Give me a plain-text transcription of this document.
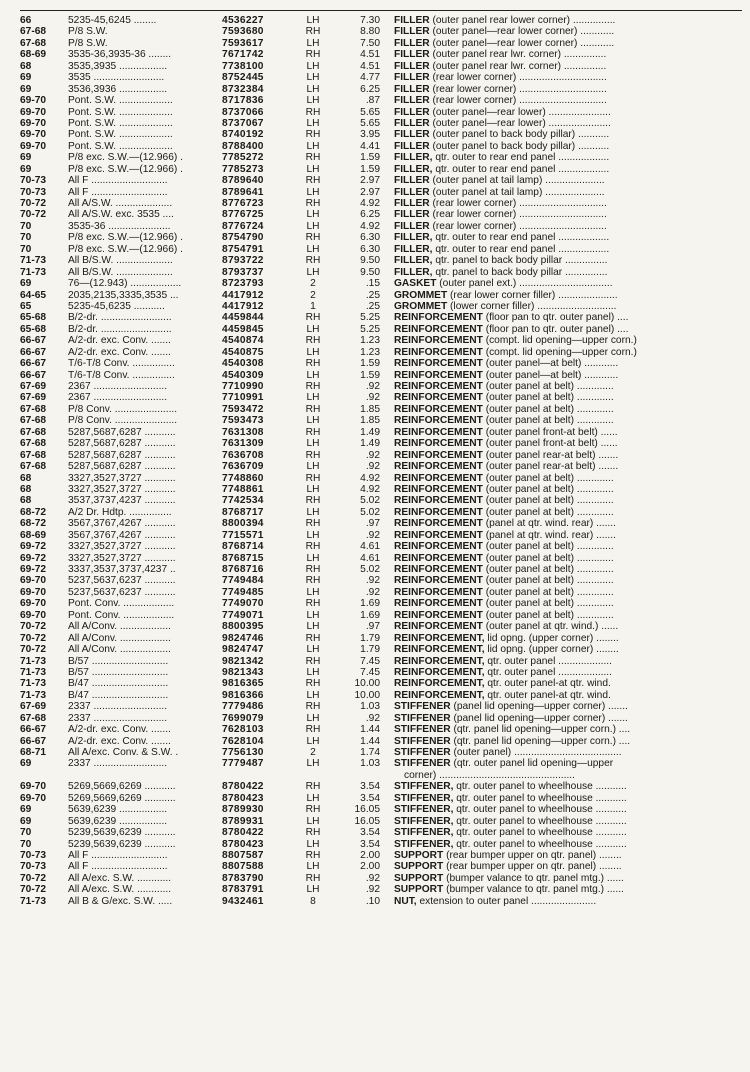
66	5235-45,6245 ........	4536227	LH	7.30	FILLER (outer panel rear lower corner) ...............
67-68	P/8 S.W.	7593680	RH	8.80	FILLER (outer panel—rear lower corner) ............
67-68	P/8 S.W.	7593617	LH	7.50	FILLER (outer panel—rear lower corner) ............
68-69	3535-36,3935-36 ........	7671742	RH	4.51	FILLER (outer panel rear lwr. corner) ...............
68	3535,3935 .................	7738100	LH	4.51	FILLER (outer panel rear lwr. corner) ...............
69	3535 .........................	8752445	LH	4.77	FILLER (rear lower corner) ...............................
69	3536,3936 .................	8732384	LH	6.25	FILLER (rear lower corner) ...............................
69-70	Pont. S.W. ...................	8717836	LH	.87	FILLER (rear lower corner) ...............................
69-70	Pont. S.W. ...................	8737066	RH	5.65	FILLER (outer panel—rear lower) ......................
69-70	Pont. S.W. ...................	8737067	LH	5.65	FILLER (outer panel—rear lower) ......................
69-70	Pont. S.W. ...................	8740192	RH	3.95	FILLER (outer panel to back body pillar) ...........
69-70	Pont. S.W. ...................	8788400	LH	4.41	FILLER (outer panel to back body pillar) ...........
69	P/8 exc. S.W.—(12.966) .	7785272	RH	1.59	FILLER, qtr. outer to rear end panel ..................
69	P/8 exc. S.W.—(12.966) .	7785273	LH	1.59	FILLER, qtr. outer to rear end panel ..................
70-73	All F ...........................	8789640	RH	2.97	FILLER (outer panel at tail lamp) .....................
70-73	All F ...........................	8789641	LH	2.97	FILLER (outer panel at tail lamp) .....................
70-72	All A/S.W. ....................	8776723	RH	4.92	FILLER (rear lower corner) ...............................
70-72	All A/S.W. exc. 3535 ....	8776725	LH	6.25	FILLER (rear lower corner) ...............................
70	3535-36 ......................	8776724	LH	4.92	FILLER (rear lower corner) ...............................
70	P/8 exc. S.W.—(12.966) .	8754790	RH	6.30	FILLER, qtr. outer to rear end panel ..................
70	P/8 exc. S.W.—(12.966) .	8754791	LH	6.30	FILLER, qtr. outer to rear end panel ..................
71-73	All B/S.W. ....................	8793722	RH	9.50	FILLER, qtr. panel to back body pillar ...............
71-73	All B/S.W. ....................	8793737	LH	9.50	FILLER, qtr. panel to back body pillar ...............
69	76—(12.943) ..................	8723793	2	.15	GASKET (outer panel ext.) .................................
64-65	2035,2135,3335,3535 ...	4417912	2	.25	GROMMET (rear lower corner filler) .....................
65	5235-45,6235 ...........	4417912	1	.25	GROMMET (lower corner filler) ............................
65-68	B/2-dr. .........................	4459844	RH	5.25	REINFORCEMENT (floor pan to qtr. outer panel) ....
65-68	B/2-dr. .........................	4459845	LH	5.25	REINFORCEMENT (floor pan to qtr. outer panel) ....
66-67	A/2-dr. exc. Conv. .......	4540874	RH	1.23	REINFORCEMENT (compt. lid opening—upper corn.)
66-67	A/2-dr. exc. Conv. .......	4540875	LH	1.23	REINFORCEMENT (compt. lid opening—upper corn.)
66-67	T/6-T/8 Conv. ...............	4540308	RH	1.59	REINFORCEMENT (outer panel—at belt) ............
66-67	T/6-T/8 Conv. ...............	4540309	LH	1.59	REINFORCEMENT (outer panel—at belt) ............
67-69	2367 ..........................	7710990	RH	.92	REINFORCEMENT (outer panel at belt) .............
67-69	2367 ..........................	7710991	LH	.92	REINFORCEMENT (outer panel at belt) .............
67-68	P/8 Conv. ......................	7593472	RH	1.85	REINFORCEMENT (outer panel at belt) .............
67-68	P/8 Conv. ......................	7593473	LH	1.85	REINFORCEMENT (outer panel at belt) .............
67-68	5287,5687,6287 ...........	7631308	RH	1.49	REINFORCEMENT (outer panel front-at belt) ......
67-68	5287,5687,6287 ...........	7631309	LH	1.49	REINFORCEMENT (outer panel front-at belt) ......
67-68	5287,5687,6287 ...........	7636708	RH	.92	REINFORCEMENT (outer panel rear-at belt) .......
67-68	5287,5687,6287 ...........	7636709	LH	.92	REINFORCEMENT (outer panel rear-at belt) .......
68	3327,3527,3727 ...........	7748860	RH	4.92	REINFORCEMENT (outer panel at belt) .............
68	3327,3527,3727 ...........	7748861	LH	4.92	REINFORCEMENT (outer panel at belt) .............
68	3537,3737,4237 ...........	7742534	RH	5.02	REINFORCEMENT (outer panel at belt) .............
68-72	A/2 Dr. Hdtp. ...............	8768717	LH	5.02	REINFORCEMENT (outer panel at belt) .............
68-72	3567,3767,4267 ...........	8800394	RH	.97	REINFORCEMENT (panel at qtr. wind. rear) .......
68-69	3567,3767,4267 ...........	7715571	LH	.92	REINFORCEMENT (panel at qtr. wind. rear) .......
69-72	3327,3527,3727 ...........	8768714	RH	4.61	REINFORCEMENT (outer panel at belt) .............
69-72	3327,3527,3727 ...........	8768715	LH	4.61	REINFORCEMENT (outer panel at belt) .............
69-72	3337,3537,3737,4237 ..	8768716	RH	5.02	REINFORCEMENT (outer panel at belt) .............
69-70	5237,5637,6237 ...........	7749484	RH	.92	REINFORCEMENT (outer panel at belt) .............
69-70	5237,5637,6237 ...........	7749485	LH	.92	REINFORCEMENT (outer panel at belt) .............
69-70	Pont. Conv. ..................	7749070	RH	1.69	REINFORCEMENT (outer panel at belt) .............
69-70	Pont. Conv. ..................	7749071	LH	1.69	REINFORCEMENT (outer panel at belt) .............
70-72	All A/Conv. ..................	8800395	LH	.97	REINFORCEMENT (outer panel at qtr. wind.) ......
70-72	All A/Conv. ..................	9824746	RH	1.79	REINFORCEMENT, lid opng. (upper corner) ........
70-72	All A/Conv. ..................	9824747	LH	1.79	REINFORCEMENT, lid opng. (upper corner) ........
71-73	B/57 ...........................	9821342	RH	7.45	REINFORCEMENT, qtr. outer panel ...................
71-73	B/57 ...........................	9821343	LH	7.45	REINFORCEMENT, qtr. outer panel ...................
71-73	B/47 ...........................	9816365	RH	10.00	REINFORCEMENT, qtr. outer panel-at qtr. wind.
71-73	B/47 ...........................	9816366	LH	10.00	REINFORCEMENT, qtr. outer panel-at qtr. wind.
67-69	2337 ..........................	7779486	RH	1.03	STIFFENER (panel lid opening—upper corner) .......
67-68	2337 ..........................	7699079	LH	.92	STIFFENER (panel lid opening—upper corner) .......
66-67	A/2-dr. exc. Conv. .......	7628103	RH	1.44	STIFFENER (qtr. panel lid opening—upper corn.) ....
66-67	A/2-dr. exc. Conv. .......	7628104	LH	1.44	STIFFENER (qtr. panel lid opening—upper corn.) ....
68-71	All A/exc. Conv. & S.W. .	7756130	2	1.74	STIFFENER (outer panel) ......................................
69	2337 ..........................	7779487	LH	1.03	STIFFENER (qtr. outer panel lid opening—upper
corner) ................................................
69-70	5269,5669,6269 ...........	8780422	RH	3.54	STIFFENER, qtr. outer panel to wheelhouse ...........
69-70	5269,5669,6269 ...........	8780423	LH	3.54	STIFFENER, qtr. outer panel to wheelhouse ...........
69	5639,6239 .................	8789930	RH	16.05	STIFFENER, qtr. outer panel to wheelhouse ...........
69	5639,6239 .................	8789931	LH	16.05	STIFFENER, qtr. outer panel to wheelhouse ...........
70	5239,5639,6239 ...........	8780422	RH	3.54	STIFFENER, qtr. outer panel to wheelhouse ...........
70	5239,5639,6239 ...........	8780423	LH	3.54	STIFFENER, qtr. outer panel to wheelhouse ...........
70-73	All F ...........................	8807587	RH	2.00	SUPPORT (rear bumper upper on qtr. panel) ........
70-73	All F ...........................	8807588	LH	2.00	SUPPORT (rear bumper upper on qtr. panel) ........
70-72	All A/exc. S.W. ............	8783790	RH	.92	SUPPORT (bumper valance to qtr. panel mtg.) ......
70-72	All A/exc. S.W. ............	8783791	LH	.92	SUPPORT (bumper valance to qtr. panel mtg.) ......
71-73	All B & G/exc. S.W. .....	9432461	8	.10	NUT, extension to outer panel .......................
